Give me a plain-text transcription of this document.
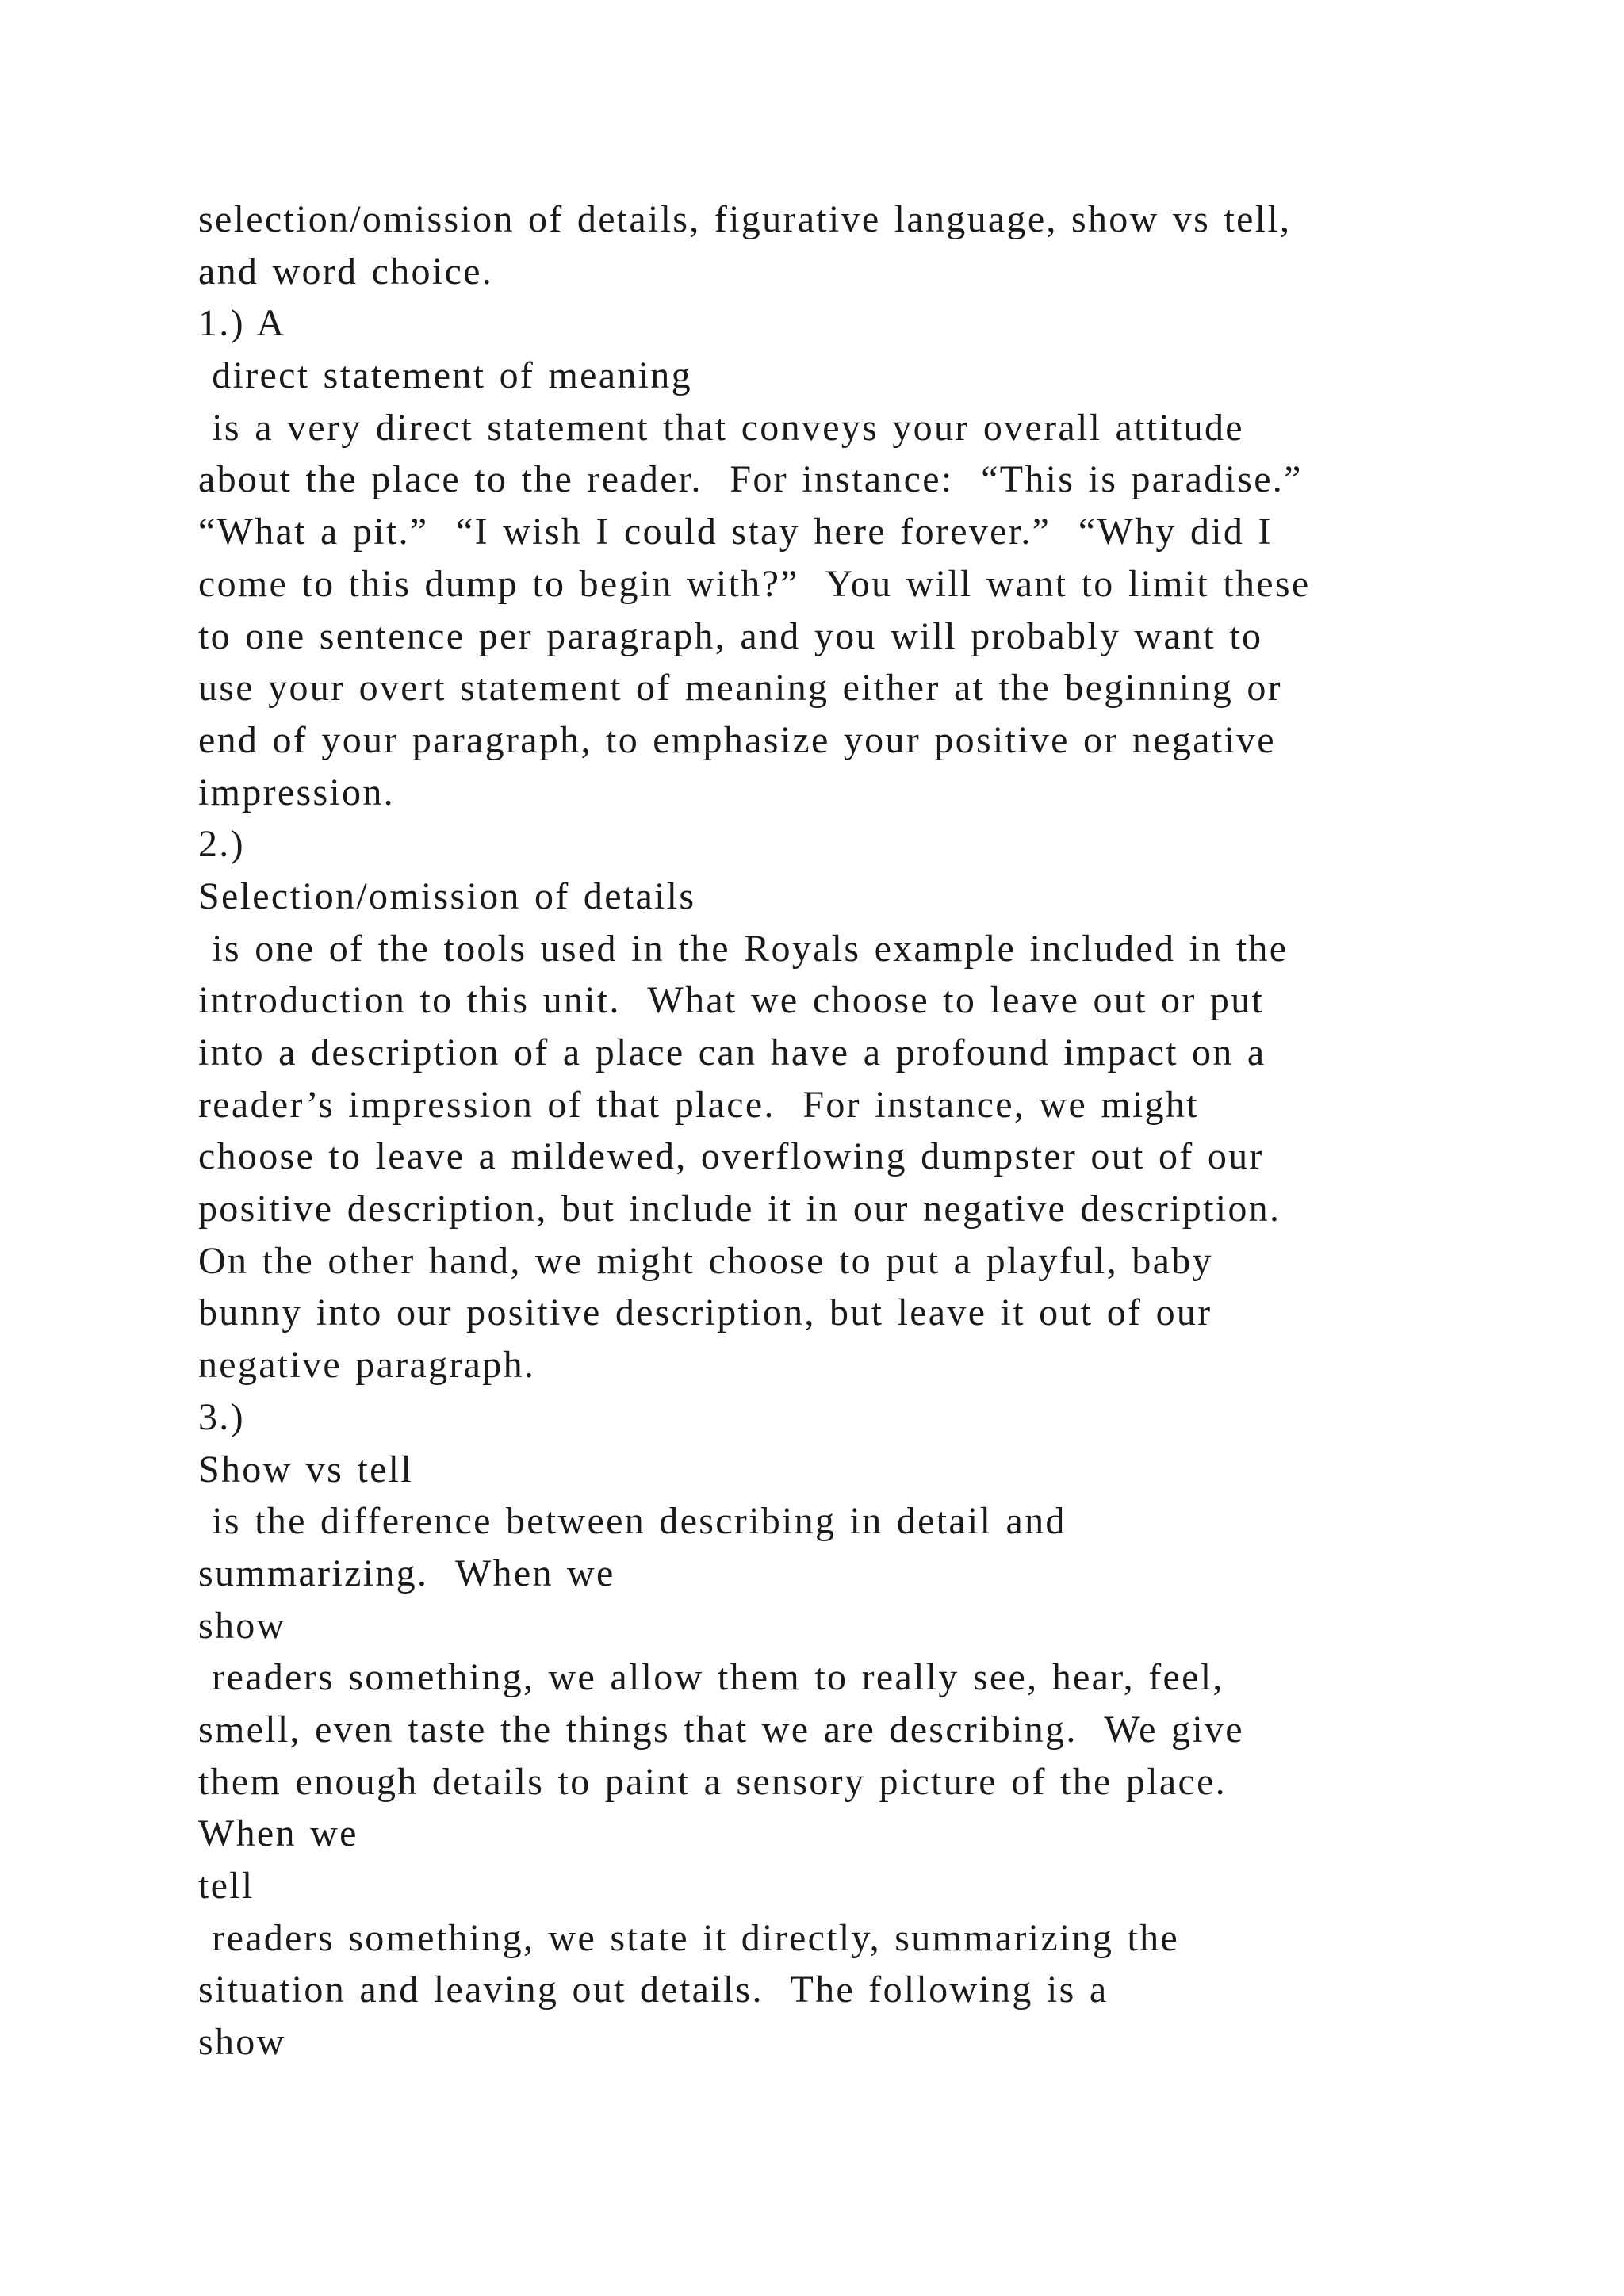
selection/omission of details, figurative language, show vs tell,
and word choice.
1.) A
direct statement of meaning
is a very direct statement that conveys your overall attitude
about the place to the reader.  For instance:  “This is paradise.”
“What a pit.”  “I wish I could stay here forever.”  “Why did I
come to this dump to begin with?”  You will want to limit these
to one sentence per paragraph, and you will probably want to
use your overt statement of meaning either at the beginning or
end of your paragraph, to emphasize your positive or negative
impression.
2.)
Selection/omission of details
is one of the tools used in the Royals example included in the
introduction to this unit.  What we choose to leave out or put
into a description of a place can have a profound impact on a
reader’s impression of that place.  For instance, we might
choose to leave a mildewed, overflowing dumpster out of our
positive description, but include it in our negative description.
On the other hand, we might choose to put a playful, baby
bunny into our positive description, but leave it out of our
negative paragraph.
3.)
Show vs tell
is the difference between describing in detail and
summarizing.  When we
show
readers something, we allow them to really see, hear, feel,
smell, even taste the things that we are describing.  We give
them enough details to paint a sensory picture of the place.
When we
tell
readers something, we state it directly, summarizing the
situation and leaving out details.  The following is a
show
